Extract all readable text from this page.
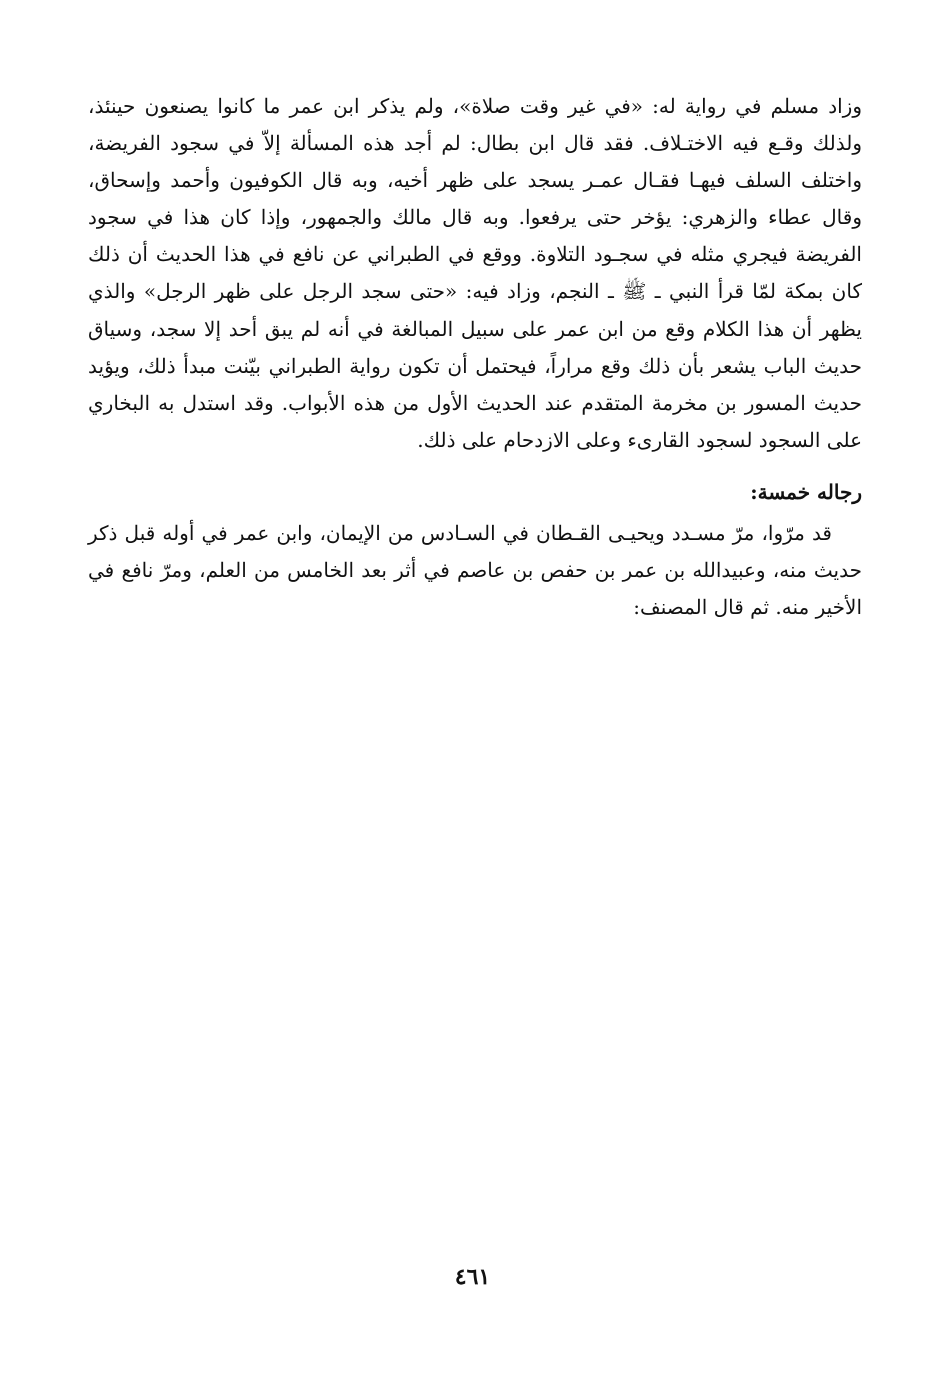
وزاد مسلم في رواية له: «في غير وقت صلاة»، ولم يذكر ابن عمر ما كانوا يصنعون حينئذ، ولذلك وقـع فيه الاختـلاف. فقد قال ابن بطال: لم أجد هذه المسألة إلاّ في سجود الفريضة، واختلف السلف فيهـا فقـال عمـر يسجد على ظهر أخيه، وبه قال الكوفيون وأحمد وإسحاق، وقال عطاء والزهري: يؤخر حتى يرفعوا. وبه قال مالك والجمهور، وإذا كان هذا في سجود الفريضة فيجري مثله في سجـود التلاوة. ووقع في الطبراني عن نافع في هذا الحديث أن ذلك كان بمكة لمّا قرأ النبي ـ ﷺ ـ النجم، وزاد فيه: «حتى سجد الرجل على ظهر الرجل» والذي يظهر أن هذا الكلام وقع من ابن عمر على سبيل المبالغة في أنه لم يبق أحد إلا سجد، وسياق حديث الباب يشعر بأن ذلك وقع مراراً، فيحتمل أن تكون رواية الطبراني بيّنت مبدأ ذلك، ويؤيد حديث المسور بن مخرمة المتقدم عند الحديث الأول من هذه الأبواب. وقد استدل به البخاري على السجود لسجود القارىء وعلى الازدحام على ذلك.
رجاله خمسة:
قد مرّوا، مرّ مسـدد ويحيـى القـطان في السـادس من الإيمان، وابن عمر في أوله قبل ذكر حديث منه، وعبيدالله بن عمر بن حفص بن عاصم في أثر بعد الخامس من العلم، ومرّ نافع في الأخير منه. ثم قال المصنف:
٤٦١
